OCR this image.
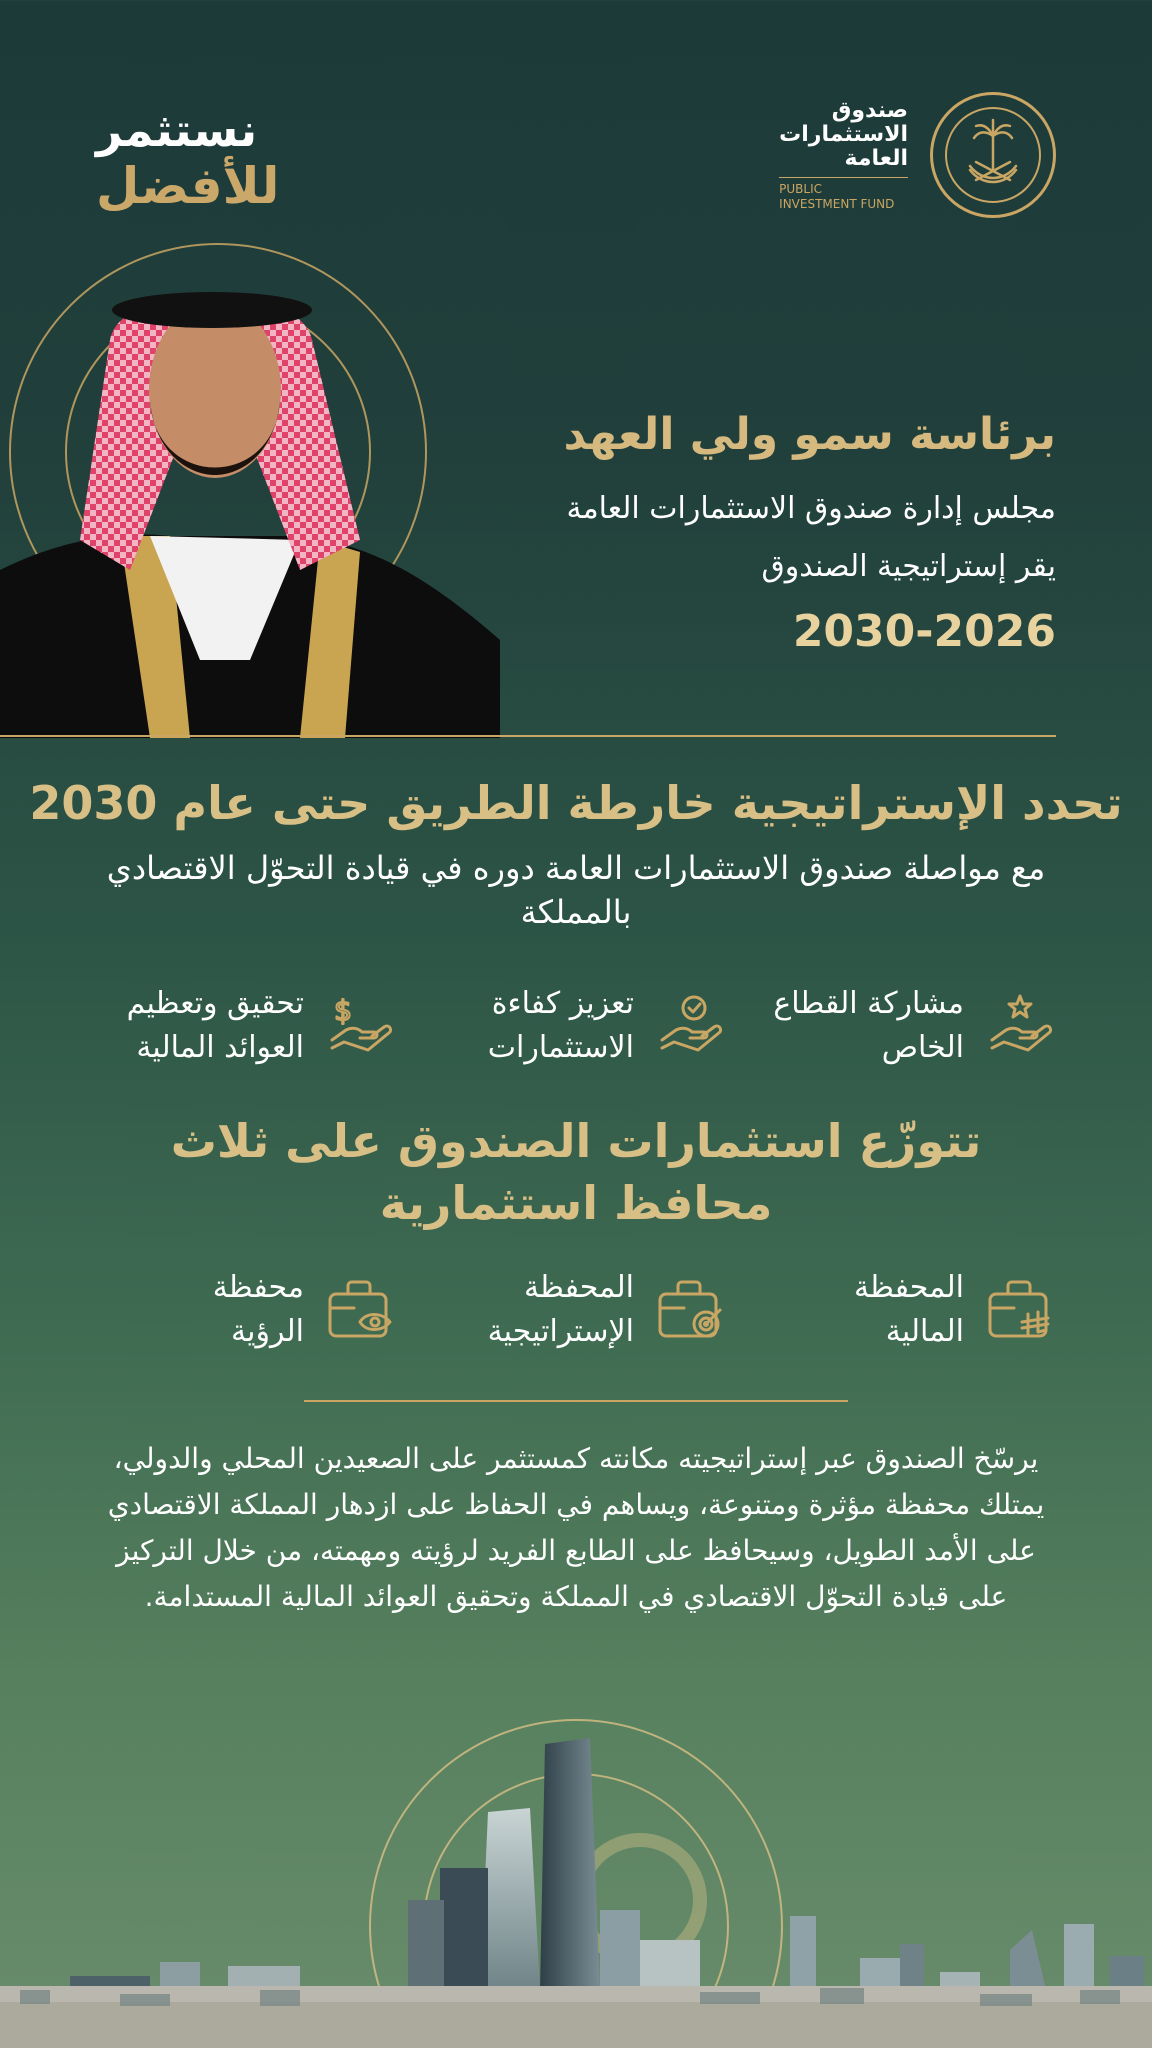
نستثمر
للأفضل
صندوق
الاستثمارات
العامة
PUBLIC
INVESTMENT FUND
برئاسة سمو ولي العهد
مجلس إدارة صندوق الاستثمارات العامة
يقر إستراتيجية الصندوق
2030-2026
تحدد الإستراتيجية خارطة الطريق حتى عام 2030
مع مواصلة صندوق الاستثمارات العامة دوره في قيادة التحوّل الاقتصادي بالمملكة
$
تحقيق وتعظيم
العوائد المالية
تعزيز كفاءة
الاستثمارات
مشاركة القطاع
الخاص
تتوزّع استثمارات الصندوق على ثلاث
محافظ استثمارية
محفظة
الرؤية
المحفظة
الإستراتيجية
المحفظة
المالية
يرسّخ الصندوق عبر إستراتيجيته مكانته كمستثمر على الصعيدين المحلي والدولي، يمتلك محفظة مؤثرة ومتنوعة، ويساهم في الحفاظ على ازدهار المملكة الاقتصادي على الأمد الطويل، وسيحافظ على الطابع الفريد لرؤيته ومهمته، من خلال التركيز على قيادة التحوّل الاقتصادي في المملكة وتحقيق العوائد المالية المستدامة.
